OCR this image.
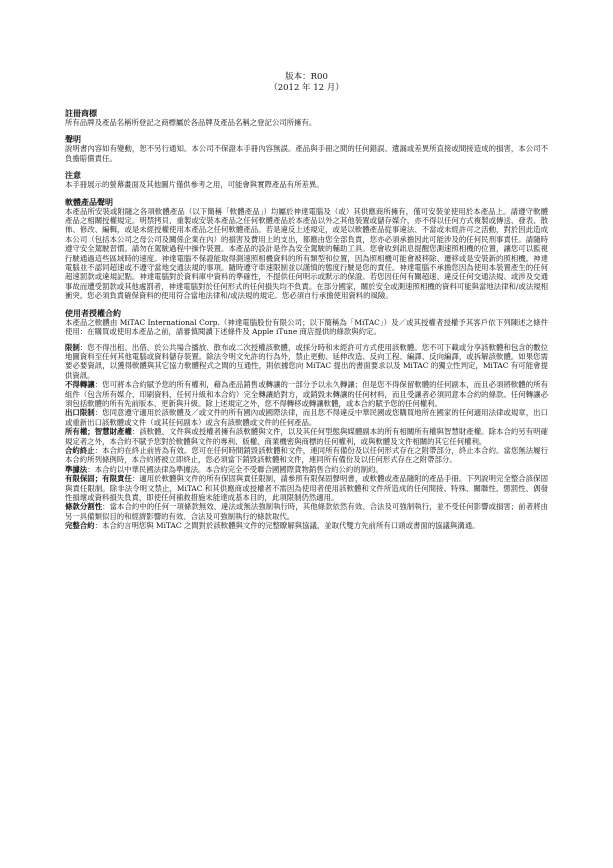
版本：R00
（2012 年 12 月）

註冊商標

所有品牌及產品名稱所登記之商標屬於各品牌及產品名稱之登記公司所擁有。

聲明

說明書內容如有變動，恕不另行通知。本公司不保證本手冊內容無誤。產品與手冊之間的任何錯誤、遺漏或差異所直接或間接造成的損害，本公司不負擔賠償責任。

注意

本手冊展示的螢幕畫面及其他圖片僅供參考之用，可能會與實際產品有所差異。

軟體產品聲明

本產品所安裝或附隨之各項軟體產品（以下簡稱「軟體產品」）均屬於神達電腦及（或）其供應商所擁有，僅可安裝並使用於本產品上。請遵守軟體產品之相關授權規定。明禁拷貝、重製或安裝本產品之任何軟體產品於本產品以外之其他裝置或儲存媒介，亦不得以任何方式複製或傳送、發表、散佈、修改、編輯，或是未經授權使用本產品之任何軟體產品。若是違反上述規定，或是以軟體產品從事違法、不當或未經許可之活動，對於因此造成本公司（包括本公司之母公司及關係企業在內）的損害及費用上的支出，都應由您全部負責，您亦必須承擔因此可能涉及的任何民刑事責任。請隨時遵守安全駕駛習慣。請勿在駕駛過程中操作裝置。本產品的設計是作為安全駕駛的輔助工具。您會收到訊息提醒您測速照相機的位置，讓您可以監視行駛通過這些區域時的速度。神達電腦不保證能取得測速照相機資料的所有類型和位置，因為照相機可能會被移除、遷移或是安裝新的照相機。神達電腦並不認同超速或不遵守當地交通法規的事項。隨時遵守車速限制並以謹慎的態度行駛是您的責任。神達電腦不承擔您因為使用本裝置產生的任何超速罰款或違規記點。神達電腦對於資料庫中資料的準確性，不提供任何明示或默示的保證。若您因任何有關超速、違反任何交通法規、或涉及交通事故而遭受罰款或其他處罰者，神達電腦對於任何形式的任何損失均不負責。在部分國家，關於安全或測速照相機的資料可能與當地法律和/或法規相衝突。您必須負責確保資料的使用符合當地法律和/或法規的規定。您必須自行承擔使用資料的風險。

使用者授權合約

本產品之軟體由 MiTAC International Corp.（神達電腦股份有限公司；以下簡稱為「MiTAC」）及／或其授權者授權予其客戶依下列陳述之條件使用：在購買或使用本產品之前，請審慎閱讀下述條件及 Apple iTune 商店提供的條款與約定。

限制：您不得出租、出借、於公共場合播放、散布或二次授權該軟體，或採分時和未經許可方式使用該軟體。您不可下載或分享該軟體和包含的數位地圖資料至任何其他電腦或資料儲存裝置。除法令明文允許的行為外，禁止更動、延伸改造、反向工程、編譯、反向編譯，或拆解該軟體。如果您需要必要資訊，以獲得軟體與其它協力軟體程式之間的互通性，則依據您向 MiTAC 提出的書面要求以及 MiTAC 的獨立性判定，MiTAC 有可能會提供資訊。

不得轉讓：您可將本合約賦予您的所有權利，藉為產品銷售或轉讓的一部分予以永久轉讓；但是您不得保留軟體的任何副本，而且必須將軟體的所有組件（包含所有媒介、印刷資料、任何升級和本合約）完全轉讓給對方，或銷毀未轉讓的任何材料，而且受讓者必須同意本合約的條款。任何轉讓必須包括軟體的所有先前版本、更新與升級。除上述規定之外，您不得轉移或轉讓軟體，或本合約賦予您的任何權利。

出口限制：您同意遵守適用於該軟體及／或文件的所有國內或國際法律，而且您不得違反中華民國或您購買地所在國家的任何適用法律或規章，出口或重新出口該軟體或文件（或其任何副本）或含有該軟體或文件的任何產品。

所有權；智慧財產權：該軟體、文件與或授權者擁有該軟體與文件，以及其任何型態與媒體副本的所有相關所有權與智慧財產權。除本合約另有明確規定者之外，本合約不賦予您對於軟體與文件的專利、版權、商業機密與商標的任何權利，或與軟體及文件相關的其它任何權利。

合約終止：本合約在終止前皆為有效。您可在任何時間銷毀該軟體和文件，連同所有備份及以任何形式存在之附帶部分，終止本合約。當您無法履行本合約所列條例時，本合約將被立即終止，您必須當下銷毀該軟體和文件，連同所有備份及以任何形式存在之附帶部分。

準據法：本合約以中華民國法律為準據法。本合約完全不受聯合國國際貨物銷售合約公約的制約。

有限保固；有限責任：適用於軟體與文件的所有保固與責任限制，請參照有限保固聲明書，或軟體或產品隨附的產品手冊。下列說明完全整合該保固與責任限制。除非法令明文禁止，MiTAC 和其供應商或授權者不需因為使用者使用該軟體和文件所造成的任何間接、特殊、關聯性、懲罰性、偶發性損壞或資料損失負責，即使任何補救措施未能達成基本目的，此項限制仍然適用。

條款分割性：當本合約中的任何一項條款無效、違法或無法強制執行時，其他條款依然有效、合法及可強制執行，並不受任何影響或損害；前者將由另一具備類似目的和經濟影響的有效、合法及可強制執行的條款取代。

完整合約：本合約言明您與 MiTAC 之間對於該軟體與文件的完整瞭解與協議，並取代雙方先前所有口頭或書面的協議與溝通。
